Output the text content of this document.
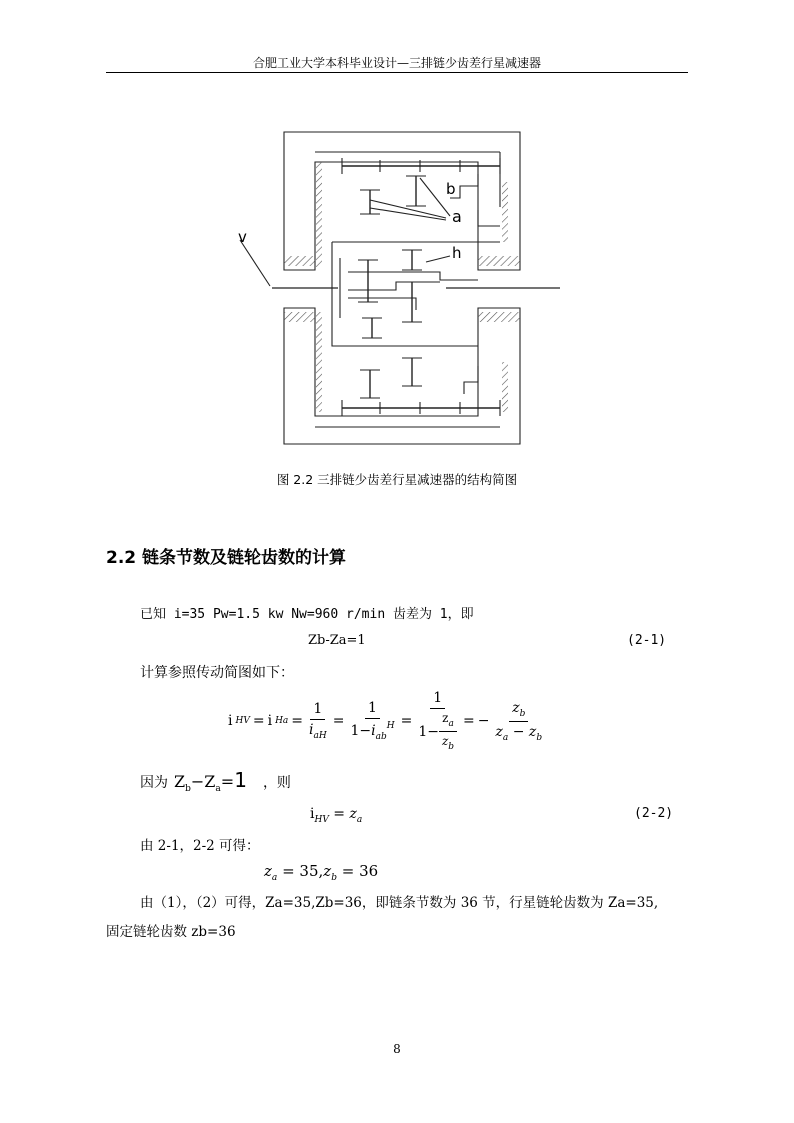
合肥工业大学本科毕业设计—三排链少齿差行星减速器
b
a
v
h
图 2.2 三排链少齿差行星减速器的结构简图
2.2 链条节数及链轮齿数的计算
已知 i=35 Pw=1.5 kw Nw=960 r/min 齿差为 1，即
Zb-Za=1	(2-1)
计算参照传动简图如下：
i HV = i $Ha = \frac{1}{i_{aH}} = \frac{1}{1-i_{ab}^H} = \frac{1}{1- \frac{z_a}{z_b}}$ = − $\frac{z_b}{z_a - z_b}$
因为 $Z_b-Z_a=1$ ，则
$i_{HV} = z_a$	(2-2)
由 2-1，2-2 可得：
$z_a = 35,z_b = 36$
由（1），（2）可得，Za=35,Zb=36，即链条节数为 36 节，行星链轮齿数为 Za=35,
固定链轮齿数 zb=36
8
